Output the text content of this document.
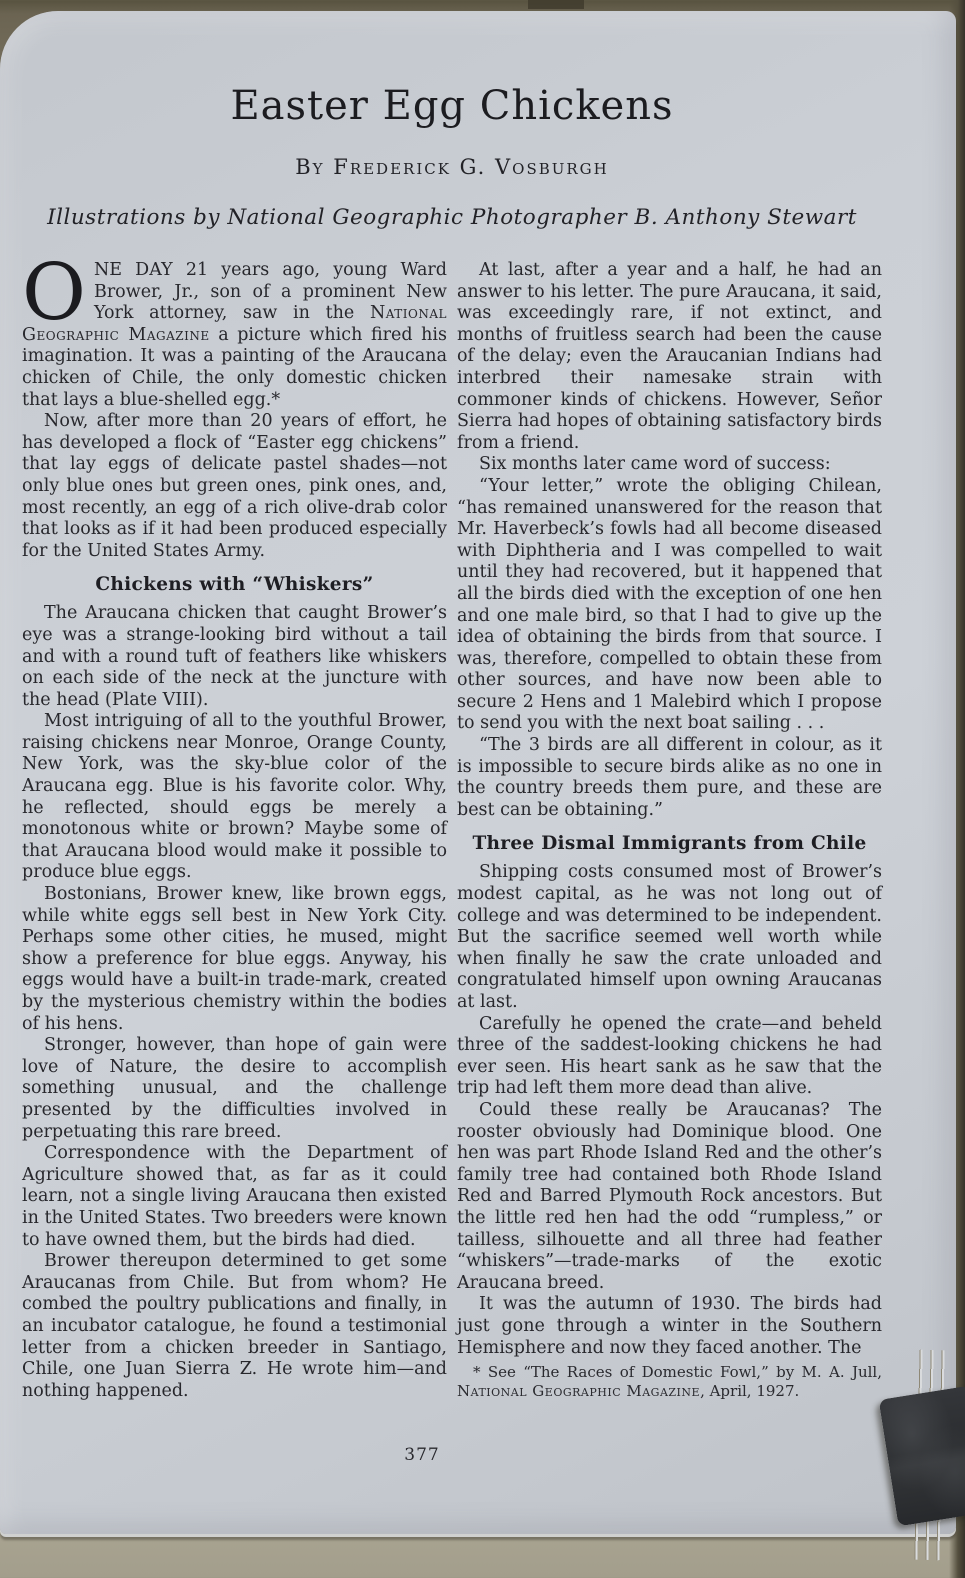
Easter Egg Chickens
By Frederick G. Vosburgh
Illustrations by National Geographic Photographer B. Anthony Stewart

ONE DAY 21 years ago, young Ward Brower, Jr., son of a prominent New York attorney, saw in the National Geographic Magazine a picture which fired his imagination. It was a painting of the Araucana chicken of Chile, the only domestic chicken that lays a blue-shelled egg.*

Now, after more than 20 years of effort, he has developed a flock of “Easter egg chickens” that lay eggs of delicate pastel shades—not only blue ones but green ones, pink ones, and, most recently, an egg of a rich olive-drab color that looks as if it had been produced especially for the United States Army.

Chickens with “Whiskers”

The Araucana chicken that caught Brower’s eye was a strange-looking bird without a tail and with a round tuft of feathers like whiskers on each side of the neck at the juncture with the head (Plate VIII).

Most intriguing of all to the youthful Brower, raising chickens near Monroe, Orange County, New York, was the sky-blue color of the Araucana egg. Blue is his favorite color. Why, he reflected, should eggs be merely a monotonous white or brown? Maybe some of that Araucana blood would make it possible to produce blue eggs.

Bostonians, Brower knew, like brown eggs, while white eggs sell best in New York City. Perhaps some other cities, he mused, might show a preference for blue eggs. Anyway, his eggs would have a built-in trade-mark, created by the mysterious chemistry within the bodies of his hens.

Stronger, however, than hope of gain were love of Nature, the desire to accomplish something unusual, and the challenge presented by the difficulties involved in perpetuating this rare breed.

Correspondence with the Department of Agriculture showed that, as far as it could learn, not a single living Araucana then existed in the United States. Two breeders were known to have owned them, but the birds had died.

Brower thereupon determined to get some Araucanas from Chile. But from whom? He combed the poultry publications and finally, in an incubator catalogue, he found a testimonial letter from a chicken breeder in Santiago, Chile, one Juan Sierra Z. He wrote him—and nothing happened.

At last, after a year and a half, he had an answer to his letter. The pure Araucana, it said, was exceedingly rare, if not extinct, and months of fruitless search had been the cause of the delay; even the Araucanian Indians had interbred their namesake strain with commoner kinds of chickens. However, Señor Sierra had hopes of obtaining satisfactory birds from a friend.

Six months later came word of success:

“Your letter,” wrote the obliging Chilean, “has remained unanswered for the reason that Mr. Haverbeck’s fowls had all become diseased with Diphtheria and I was compelled to wait until they had recovered, but it happened that all the birds died with the exception of one hen and one male bird, so that I had to give up the idea of obtaining the birds from that source. I was, therefore, compelled to obtain these from other sources, and have now been able to secure 2 Hens and 1 Malebird which I propose to send you with the next boat sailing . . .

“The 3 birds are all different in colour, as it is impossible to secure birds alike as no one in the country breeds them pure, and these are best can be obtaining.”

Three Dismal Immigrants from Chile

Shipping costs consumed most of Brower’s modest capital, as he was not long out of college and was determined to be independent. But the sacrifice seemed well worth while when finally he saw the crate unloaded and congratulated himself upon owning Araucanas at last.

Carefully he opened the crate—and beheld three of the saddest-looking chickens he had ever seen. His heart sank as he saw that the trip had left them more dead than alive.

Could these really be Araucanas? The rooster obviously had Dominique blood. One hen was part Rhode Island Red and the other’s family tree had contained both Rhode Island Red and Barred Plymouth Rock ancestors. But the little red hen had the odd “rumpless,” or tailless, silhouette and all three had feather “whiskers”—trade-marks of the exotic Araucana breed.

It was the autumn of 1930. The birds had just gone through a winter in the Southern Hemisphere and now they faced another. The

* See “The Races of Domestic Fowl,” by M. A. Jull, National Geographic Magazine, April, 1927.

377
